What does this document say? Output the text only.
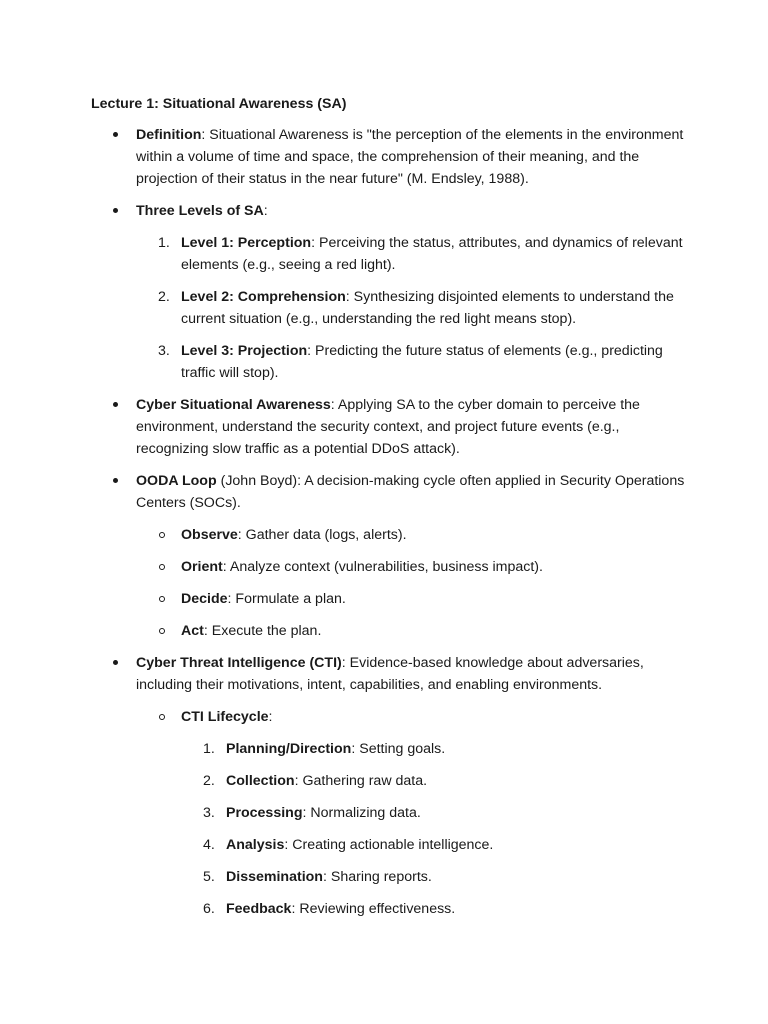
Lecture 1: Situational Awareness (SA)
Definition: Situational Awareness is "the perception of the elements in the environment within a volume of time and space, the comprehension of their meaning, and the projection of their status in the near future" (M. Endsley, 1988).
Three Levels of SA:
1. Level 1: Perception: Perceiving the status, attributes, and dynamics of relevant elements (e.g., seeing a red light).
2. Level 2: Comprehension: Synthesizing disjointed elements to understand the current situation (e.g., understanding the red light means stop).
3. Level 3: Projection: Predicting the future status of elements (e.g., predicting traffic will stop).
Cyber Situational Awareness: Applying SA to the cyber domain to perceive the environment, understand the security context, and project future events (e.g., recognizing slow traffic as a potential DDoS attack).
OODA Loop (John Boyd): A decision-making cycle often applied in Security Operations Centers (SOCs).
Observe: Gather data (logs, alerts).
Orient: Analyze context (vulnerabilities, business impact).
Decide: Formulate a plan.
Act: Execute the plan.
Cyber Threat Intelligence (CTI): Evidence-based knowledge about adversaries, including their motivations, intent, capabilities, and enabling environments.
CTI Lifecycle:
1. Planning/Direction: Setting goals.
2. Collection: Gathering raw data.
3. Processing: Normalizing data.
4. Analysis: Creating actionable intelligence.
5. Dissemination: Sharing reports.
6. Feedback: Reviewing effectiveness.
